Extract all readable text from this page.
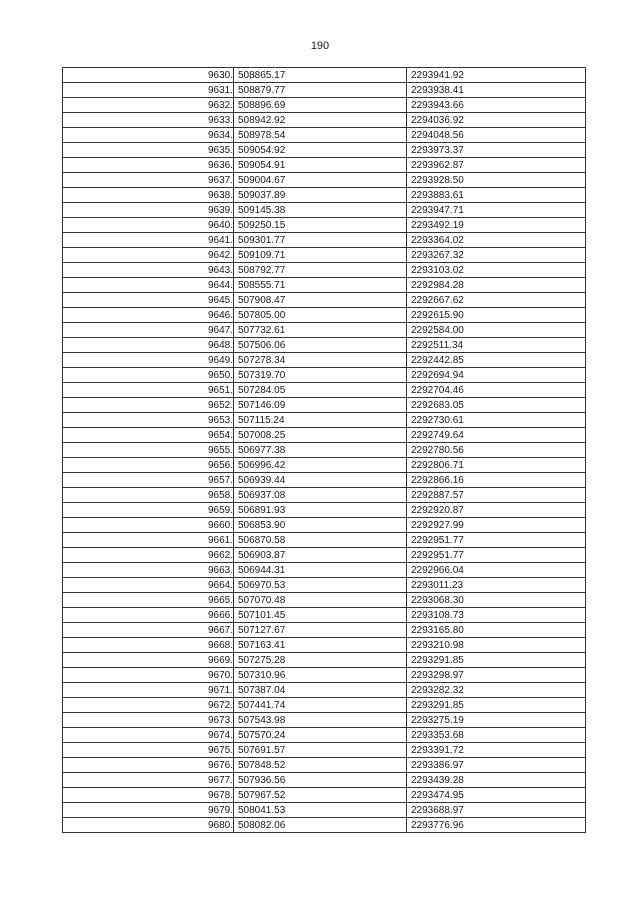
190
9630.	508865.17	2293941.92
9631.	508879.77	2293938.41
9632.	508896.69	2293943.66
9633.	508942.92	2294036.92
9634.	508978.54	2294048.56
9635.	509054.92	2293973.37
9636.	509054.91	2293962.87
9637.	509004.67	2293928.50
9638.	509037.89	2293883.61
9639.	509145.38	2293947.71
9640.	509250.15	2293492.19
9641.	509301.77	2293364.02
9642.	509109.71	2293267.32
9643.	508792.77	2293103.02
9644.	508555.71	2292984.28
9645.	507908.47	2292667.62
9646.	507805.00	2292615.90
9647.	507732.61	2292584.00
9648.	507506.06	2292511.34
9649.	507278.34	2292442.85
9650.	507319.70	2292694.94
9651.	507284.05	2292704.46
9652.	507146.09	2292683.05
9653.	507115.24	2292730.61
9654.	507008.25	2292749.64
9655.	506977.38	2292780.56
9656.	506996.42	2292806.71
9657.	506939.44	2292866.16
9658.	506937.08	2292887.57
9659.	506891.93	2292920.87
9660.	506853.90	2292927.99
9661.	506870.58	2292951.77
9662.	506903.87	2292951.77
9663.	506944.31	2292966.04
9664.	506970.53	2293011.23
9665.	507070.48	2293068.30
9666.	507101.45	2293108.73
9667.	507127.67	2293165.80
9668.	507163.41	2293210.98
9669.	507275.28	2293291.85
9670.	507310.96	2293298.97
9671.	507387.04	2293282.32
9672.	507441.74	2293291.85
9673.	507543.98	2293275.19
9674.	507570.24	2293353.68
9675.	507691.57	2293391.72
9676.	507848.52	2293386.97
9677.	507936.56	2293439.28
9678.	507967.52	2293474.95
9679.	508041.53	2293688.97
9680.	508082.06	2293776.96
